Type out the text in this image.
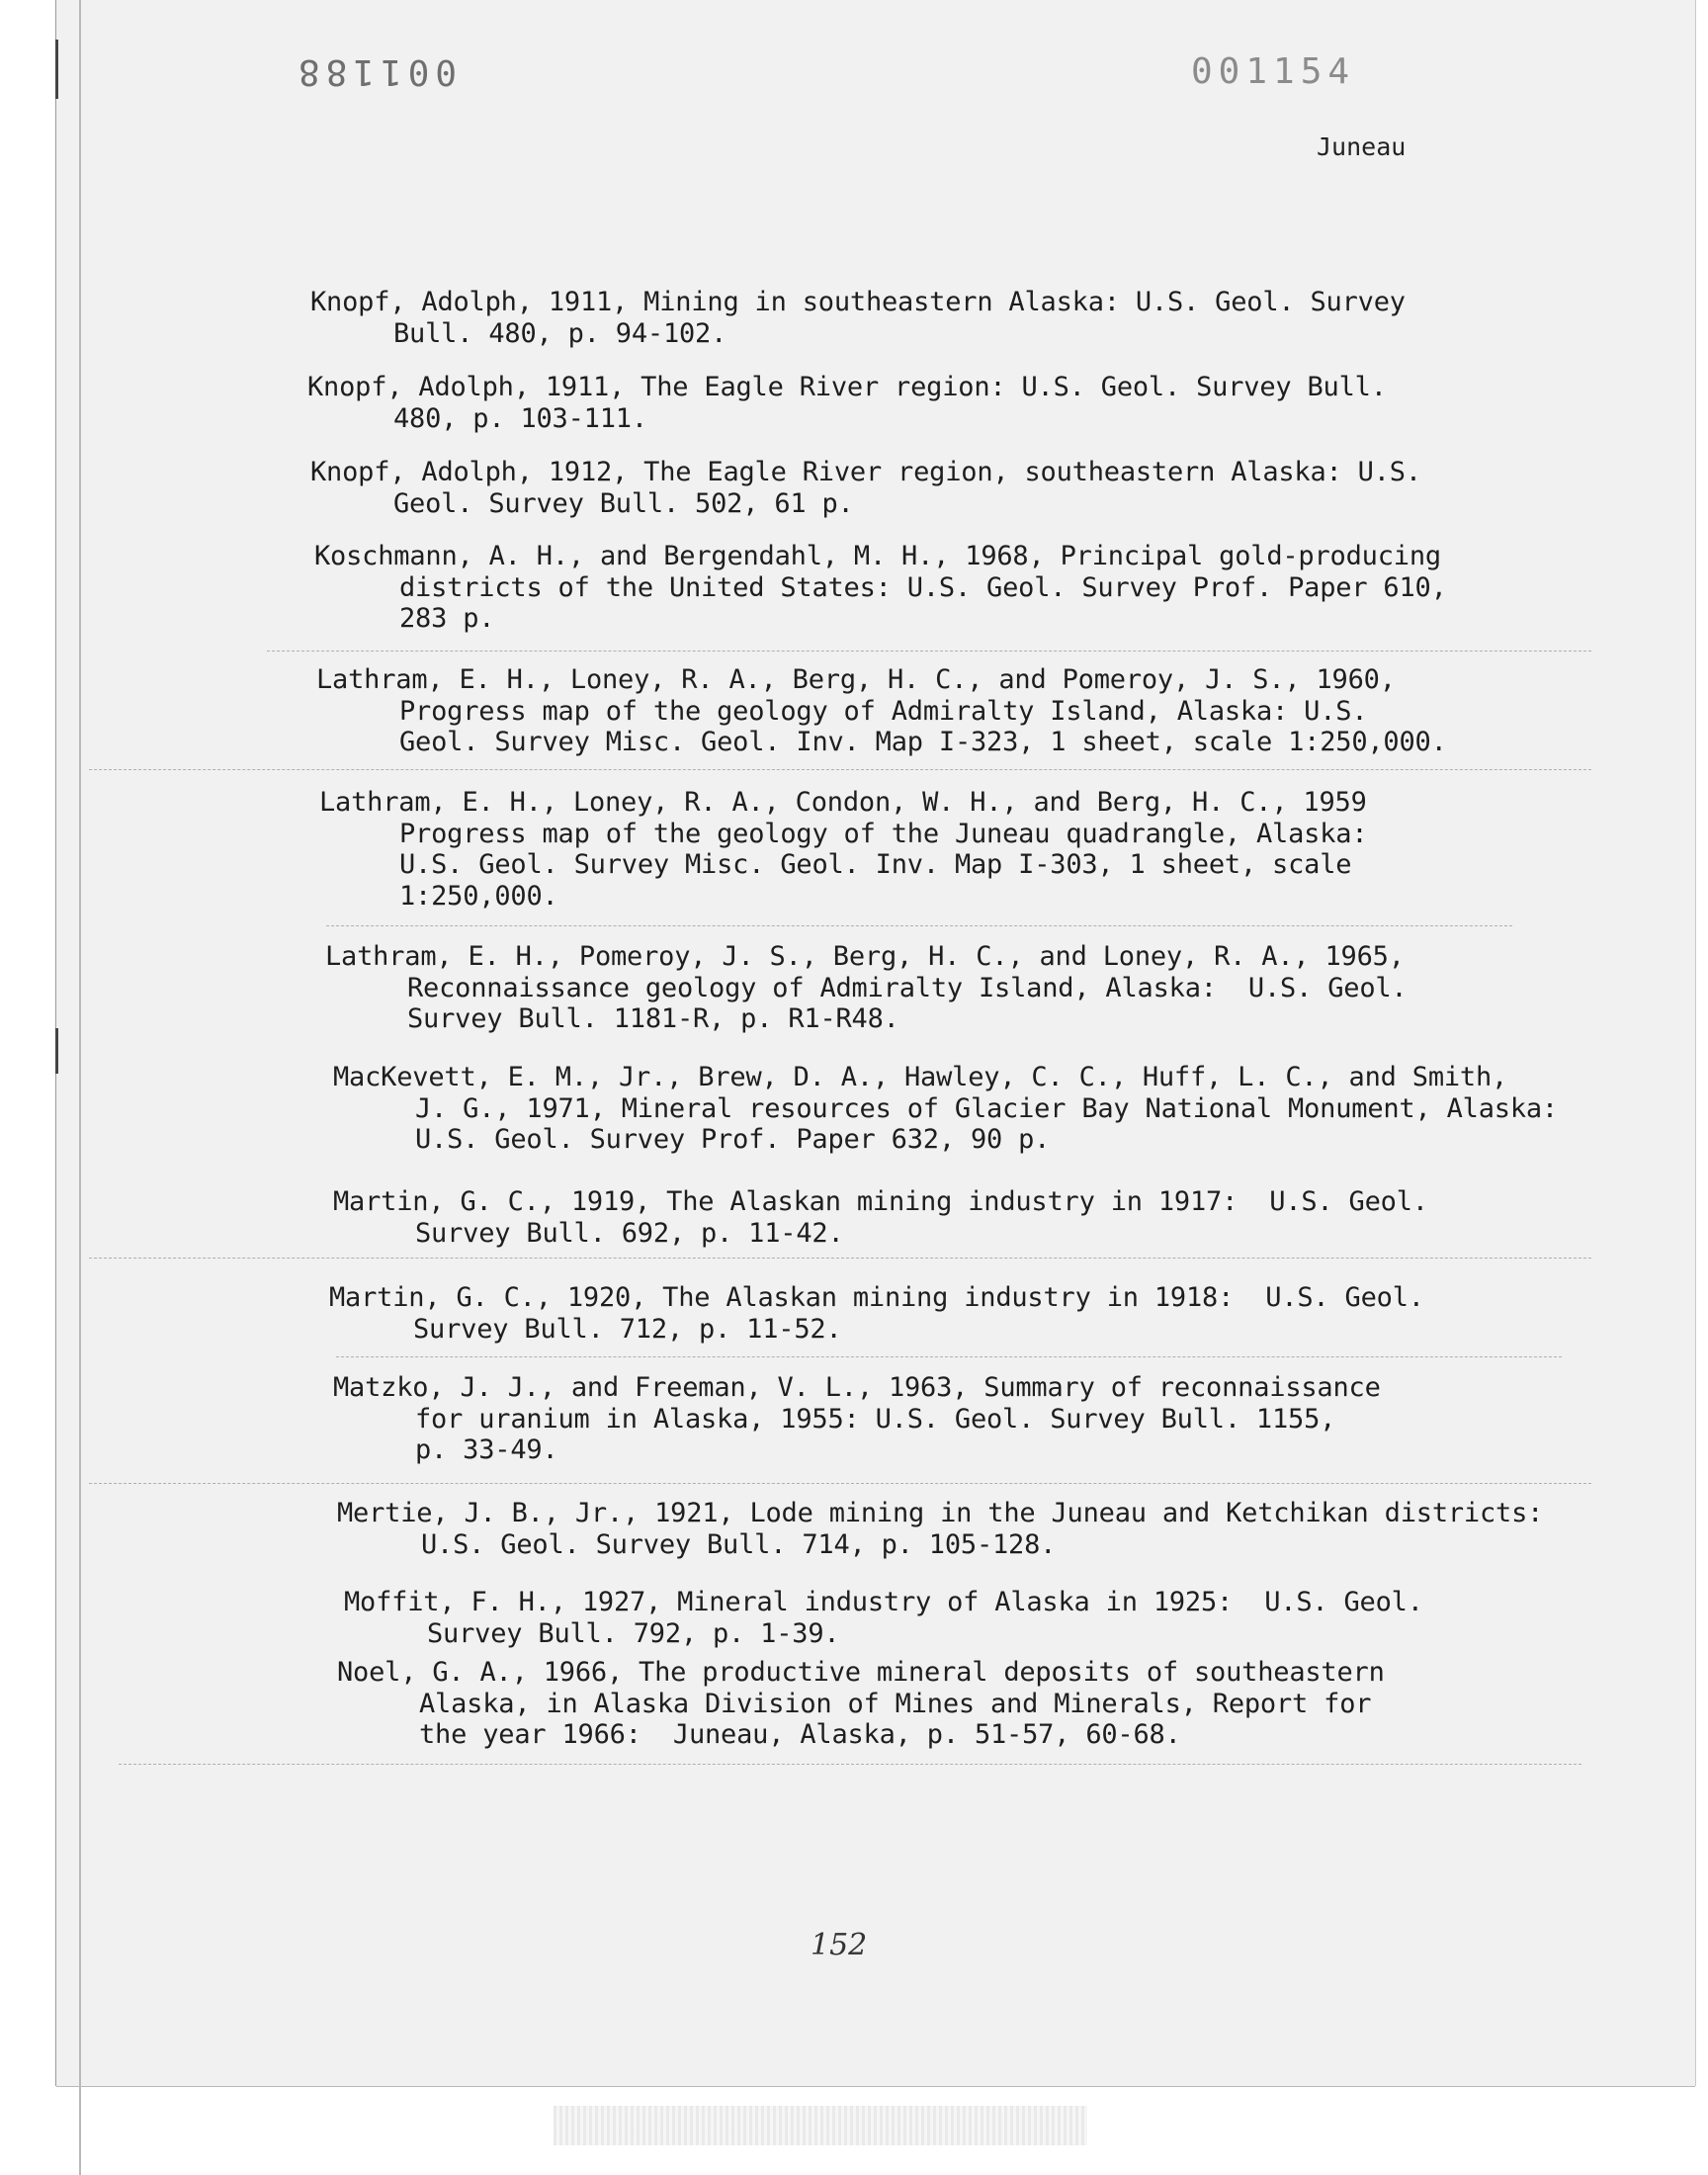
001188	001154
Juneau
Knopf, Adolph, 1911, Mining in southeastern Alaska: U.S. Geol. Survey
Bull. 480, p. 94-102.
Knopf, Adolph, 1911, The Eagle River region: U.S. Geol. Survey Bull.
480, p. 103-111.
Knopf, Adolph, 1912, The Eagle River region, southeastern Alaska: U.S.
Geol. Survey Bull. 502, 61 p.
Koschmann, A. H., and Bergendahl, M. H., 1968, Principal gold-producing
districts of the United States: U.S. Geol. Survey Prof. Paper 610,
283 p.
Lathram, E. H., Loney, R. A., Berg, H. C., and Pomeroy, J. S., 1960,
Progress map of the geology of Admiralty Island, Alaska: U.S.
Geol. Survey Misc. Geol. Inv. Map I-323, 1 sheet, scale 1:250,000.
Lathram, E. H., Loney, R. A., Condon, W. H., and Berg, H. C., 1959
Progress map of the geology of the Juneau quadrangle, Alaska:
U.S. Geol. Survey Misc. Geol. Inv. Map I-303, 1 sheet, scale
1:250,000.
Lathram, E. H., Pomeroy, J. S., Berg, H. C., and Loney, R. A., 1965,
Reconnaissance geology of Admiralty Island, Alaska:  U.S. Geol.
Survey Bull. 1181-R, p. R1-R48.
MacKevett, E. M., Jr., Brew, D. A., Hawley, C. C., Huff, L. C., and Smith,
J. G., 1971, Mineral resources of Glacier Bay National Monument, Alaska:
U.S. Geol. Survey Prof. Paper 632, 90 p.
Martin, G. C., 1919, The Alaskan mining industry in 1917:  U.S. Geol.
Survey Bull. 692, p. 11-42.
Martin, G. C., 1920, The Alaskan mining industry in 1918:  U.S. Geol.
Survey Bull. 712, p. 11-52.
Matzko, J. J., and Freeman, V. L., 1963, Summary of reconnaissance
for uranium in Alaska, 1955: U.S. Geol. Survey Bull. 1155,
p. 33-49.
Mertie, J. B., Jr., 1921, Lode mining in the Juneau and Ketchikan districts:
U.S. Geol. Survey Bull. 714, p. 105-128.
Moffit, F. H., 1927, Mineral industry of Alaska in 1925:  U.S. Geol.
Survey Bull. 792, p. 1-39.
Noel, G. A., 1966, The productive mineral deposits of southeastern
Alaska, in Alaska Division of Mines and Minerals, Report for
the year 1966:  Juneau, Alaska, p. 51-57, 60-68.
152
